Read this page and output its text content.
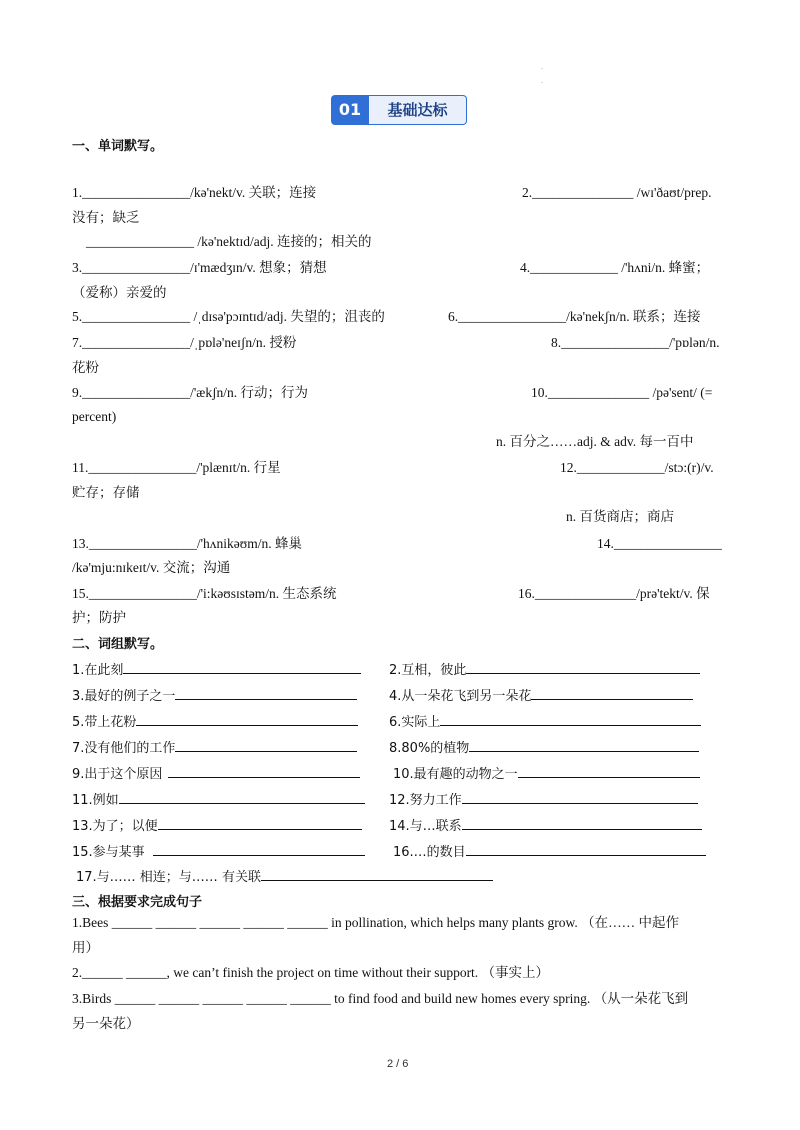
.
.
01	基础达标
一、单词默写。
1.________________/kə'nekt/v. 关联；连接	2._______________ /wɪ'ðaʊt/prep.
没有；缺乏
________________ /kə'nektɪd/adj. 连接的；相关的
3.________________/ɪ'mædʒɪn/v. 想象；猜想	4._____________ /'hʌni/n. 蜂蜜；
（爱称）亲爱的
5.________________ /ˌdɪsə'pɔɪntɪd/adj. 失望的；沮丧的	6.________________/kə'nekʃn/n. 联系；连接
7.________________/ˌpɒlə'neɪʃn/n. 授粉	8.________________/'pɒlən/n.
花粉
9.________________/'ækʃn/n. 行动；行为	10._______________ /pə'sent/ (=
percent)
n. 百分之……adj. & adv. 每一百中
11.________________/'plænɪt/n. 行星	12._____________/stɔ:(r)/v.
贮存；存储
n. 百货商店；商店
13.________________/'hʌnikəʊm/n. 蜂巢	14.________________
/kə'mju:nɪkeɪt/v. 交流；沟通
15.________________/'i:kəʊsɪstəm/n. 生态系统	16._______________/prə'tekt/v. 保
护；防护
二、词组默写。
1.在此刻	2.互相，彼此
3.最好的例子之一	4.从一朵花飞到另一朵花
5.带上花粉	6.实际上
7.没有他们的工作	8.80%的植物
9.出于这个原因	10.最有趣的动物之一
11.例如	12.努力工作
13.为了；以便	14.与…联系
15.参与某事	16.…的数目
17.与…… 相连；与…… 有关联
三、根据要求完成句子
1.Bees ______ ______ ______ ______ ______ in pollination, which helps many plants grow. （在…… 中起作
用）
2.______ ______, we can’t finish the project on time without their support. （事实上）
3.Birds ______ ______ ______ ______ ______ to find food and build new homes every spring. （从一朵花飞到
另一朵花）
2 / 6
